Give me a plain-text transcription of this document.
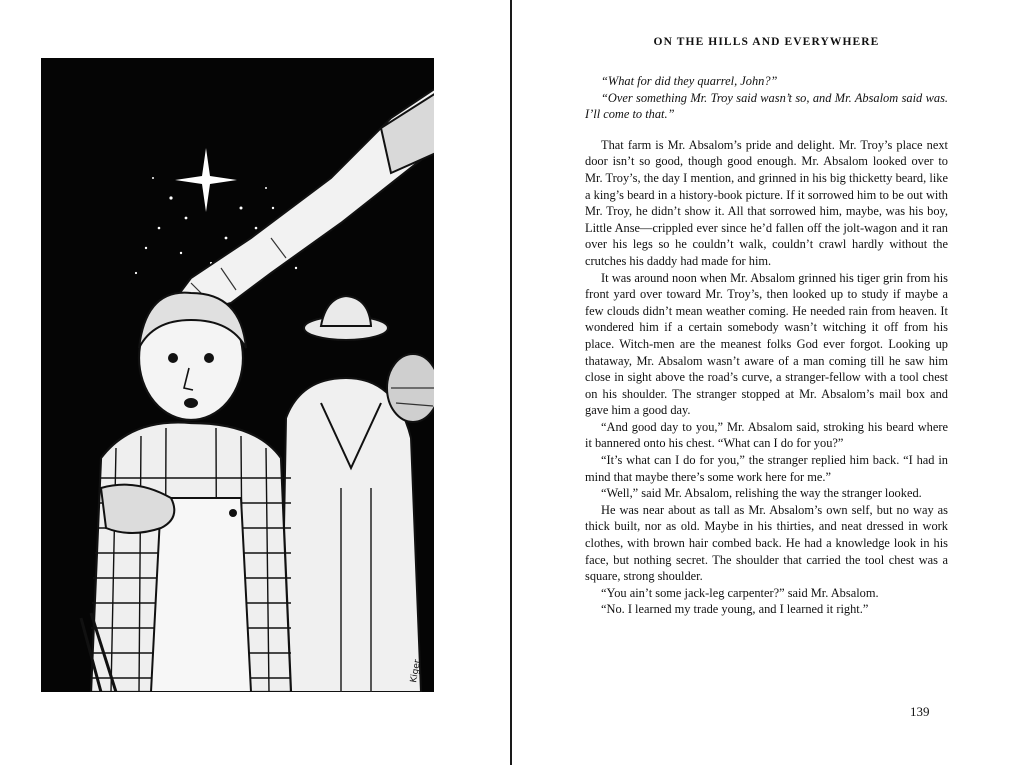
Kiger
ON THE HILLS AND EVERYWHERE

“What for did they quarrel, John?”

“Over something Mr. Troy said wasn’t so, and Mr. Absalom said was. I’ll come to that.”

That farm is Mr. Absalom’s pride and delight. Mr. Troy’s place next door isn’t so good, though good enough. Mr. Absalom looked over to Mr. Troy’s, the day I mention, and grinned in his big thicketty beard, like a king’s beard in a history-book picture. If it sorrowed him to be out with Mr. Troy, he didn’t show it. All that sorrowed him, maybe, was his boy, Little Anse—crippled ever since he’d fallen off the jolt-wagon and it ran over his legs so he couldn’t walk, couldn’t crawl hardly without the crutches his daddy had made for him.

It was around noon when Mr. Absalom grinned his tiger grin from his front yard over toward Mr. Troy’s, then looked up to study if maybe a few clouds didn’t mean weather coming. He needed rain from heaven. It wondered him if a certain somebody wasn’t witching it off from his place. Witch-men are the meanest folks God ever forgot. Looking up thataway, Mr. Absalom wasn’t aware of a man coming till he saw him close in sight above the road’s curve, a stranger-fellow with a tool chest on his shoulder. The stranger stopped at Mr. Absalom’s mail box and gave him a good day.

“And good day to you,” Mr. Absalom said, stroking his beard where it bannered onto his chest. “What can I do for you?”

“It’s what can I do for you,” the stranger replied him back. “I had in mind that maybe there’s some work here for me.”

“Well,” said Mr. Absalom, relishing the way the stranger looked.

He was near about as tall as Mr. Absalom’s own self, but no way as thick built, nor as old. Maybe in his thirties, and neat dressed in work clothes, with brown hair combed back. He had a knowledge look in his face, but nothing secret. The shoulder that carried the tool chest was a square, strong shoulder.

“You ain’t some jack-leg carpenter?” said Mr. Absalom.

“No. I learned my trade young, and I learned it right.”

139
